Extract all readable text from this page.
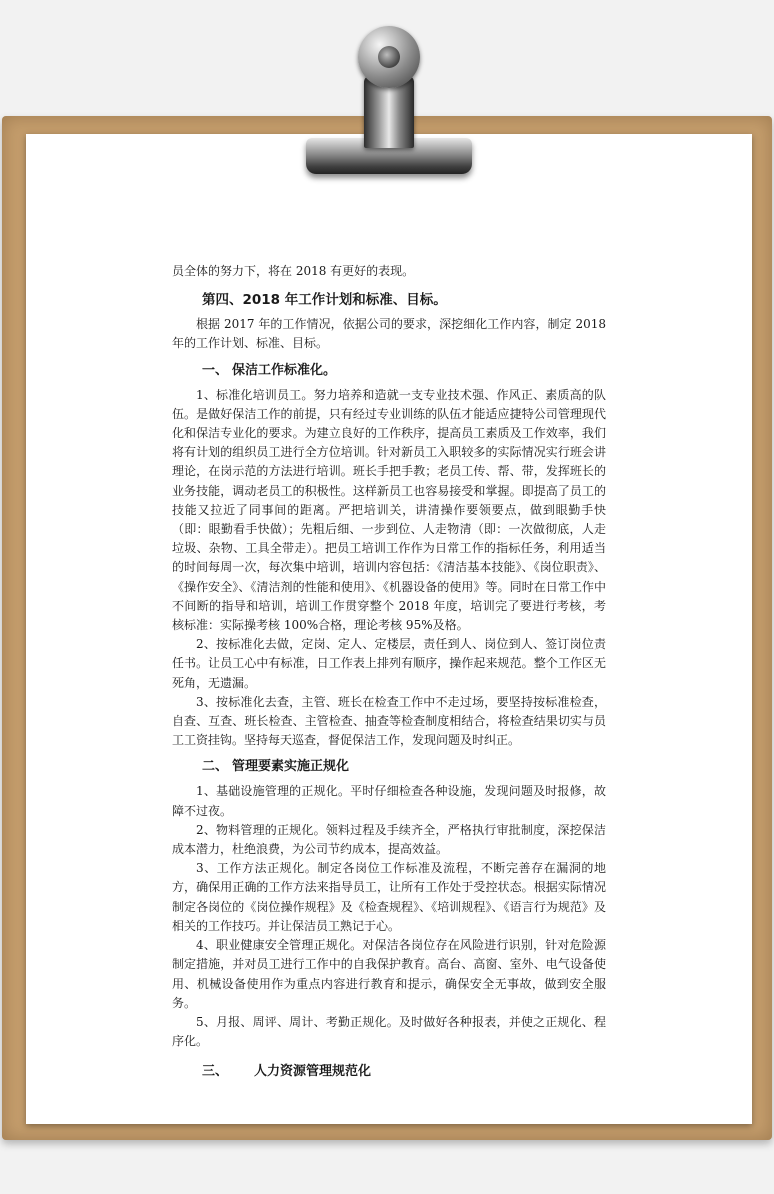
员全体的努力下，将在 2018 有更好的表现。

第四、2018 年工作计划和标准、目标。

根据 2017 年的工作情况，依据公司的要求，深挖细化工作内容，制定 2018 年的工作计划、标准、目标。

一、 保洁工作标准化。

1、标准化培训员工。努力培养和造就一支专业技术强、作风正、素质高的队伍。是做好保洁工作的前提，只有经过专业训练的队伍才能适应捷特公司管理现代化和保洁专业化的要求。为建立良好的工作秩序，提高员工素质及工作效率，我们将有计划的组织员工进行全方位培训。针对新员工入职较多的实际情况实行班会讲理论，在岗示范的方法进行培训。班长手把手教；老员工传、帮、带，发挥班长的业务技能，调动老员工的积极性。这样新员工也容易接受和掌握。即提高了员工的技能又拉近了同事间的距离。严把培训关，讲清操作要领要点，做到眼勤手快（即：眼勤看手快做）；先粗后细、一步到位、人走物清（即：一次做彻底，人走垃圾、杂物、工具全带走）。把员工培训工作作为日常工作的指标任务，利用适当的时间每周一次，每次集中培训，培训内容包括：《清洁基本技能》、《岗位职责》、《操作安全》、《清洁剂的性能和使用》、《机器设备的使用》等。同时在日常工作中不间断的指导和培训，培训工作贯穿整个 2018 年度，培训完了要进行考核，考核标准：实际操考核 100%合格，理论考核 95%及格。

2、按标准化去做，定岗、定人、定楼层，责任到人、岗位到人、签订岗位责任书。让员工心中有标准，日工作表上排列有顺序，操作起来规范。整个工作区无死角，无遗漏。

3、按标准化去查，主管、班长在检查工作中不走过场，要坚持按标准检查，自查、互查、班长检查、主管检查、抽查等检查制度相结合，将检查结果切实与员工工资挂钩。坚持每天巡查，督促保洁工作，发现问题及时纠正。

二、 管理要素实施正规化

1、基础设施管理的正规化。平时仔细检查各种设施，发现问题及时报修，故障不过夜。

2、物料管理的正规化。领料过程及手续齐全，严格执行审批制度，深挖保洁成本潜力，杜绝浪费，为公司节约成本，提高效益。

3、工作方法正规化。制定各岗位工作标准及流程，不断完善存在漏洞的地方，确保用正确的工作方法来指导员工，让所有工作处于受控状态。根据实际情况制定各岗位的《岗位操作规程》及《检查规程》、《培训规程》、《语言行为规范》及相关的工作技巧。并让保洁员工熟记于心。

4、职业健康安全管理正规化。对保洁各岗位存在风险进行识别，针对危险源制定措施，并对员工进行工作中的自我保护教育。高台、高窗、室外、电气设备使用、机械设备使用作为重点内容进行教育和提示，确保安全无事故，做到安全服务。

5、月报、周评、周计、考勤正规化。及时做好各种报表，并使之正规化、程序化。

三、 人力资源管理规范化
